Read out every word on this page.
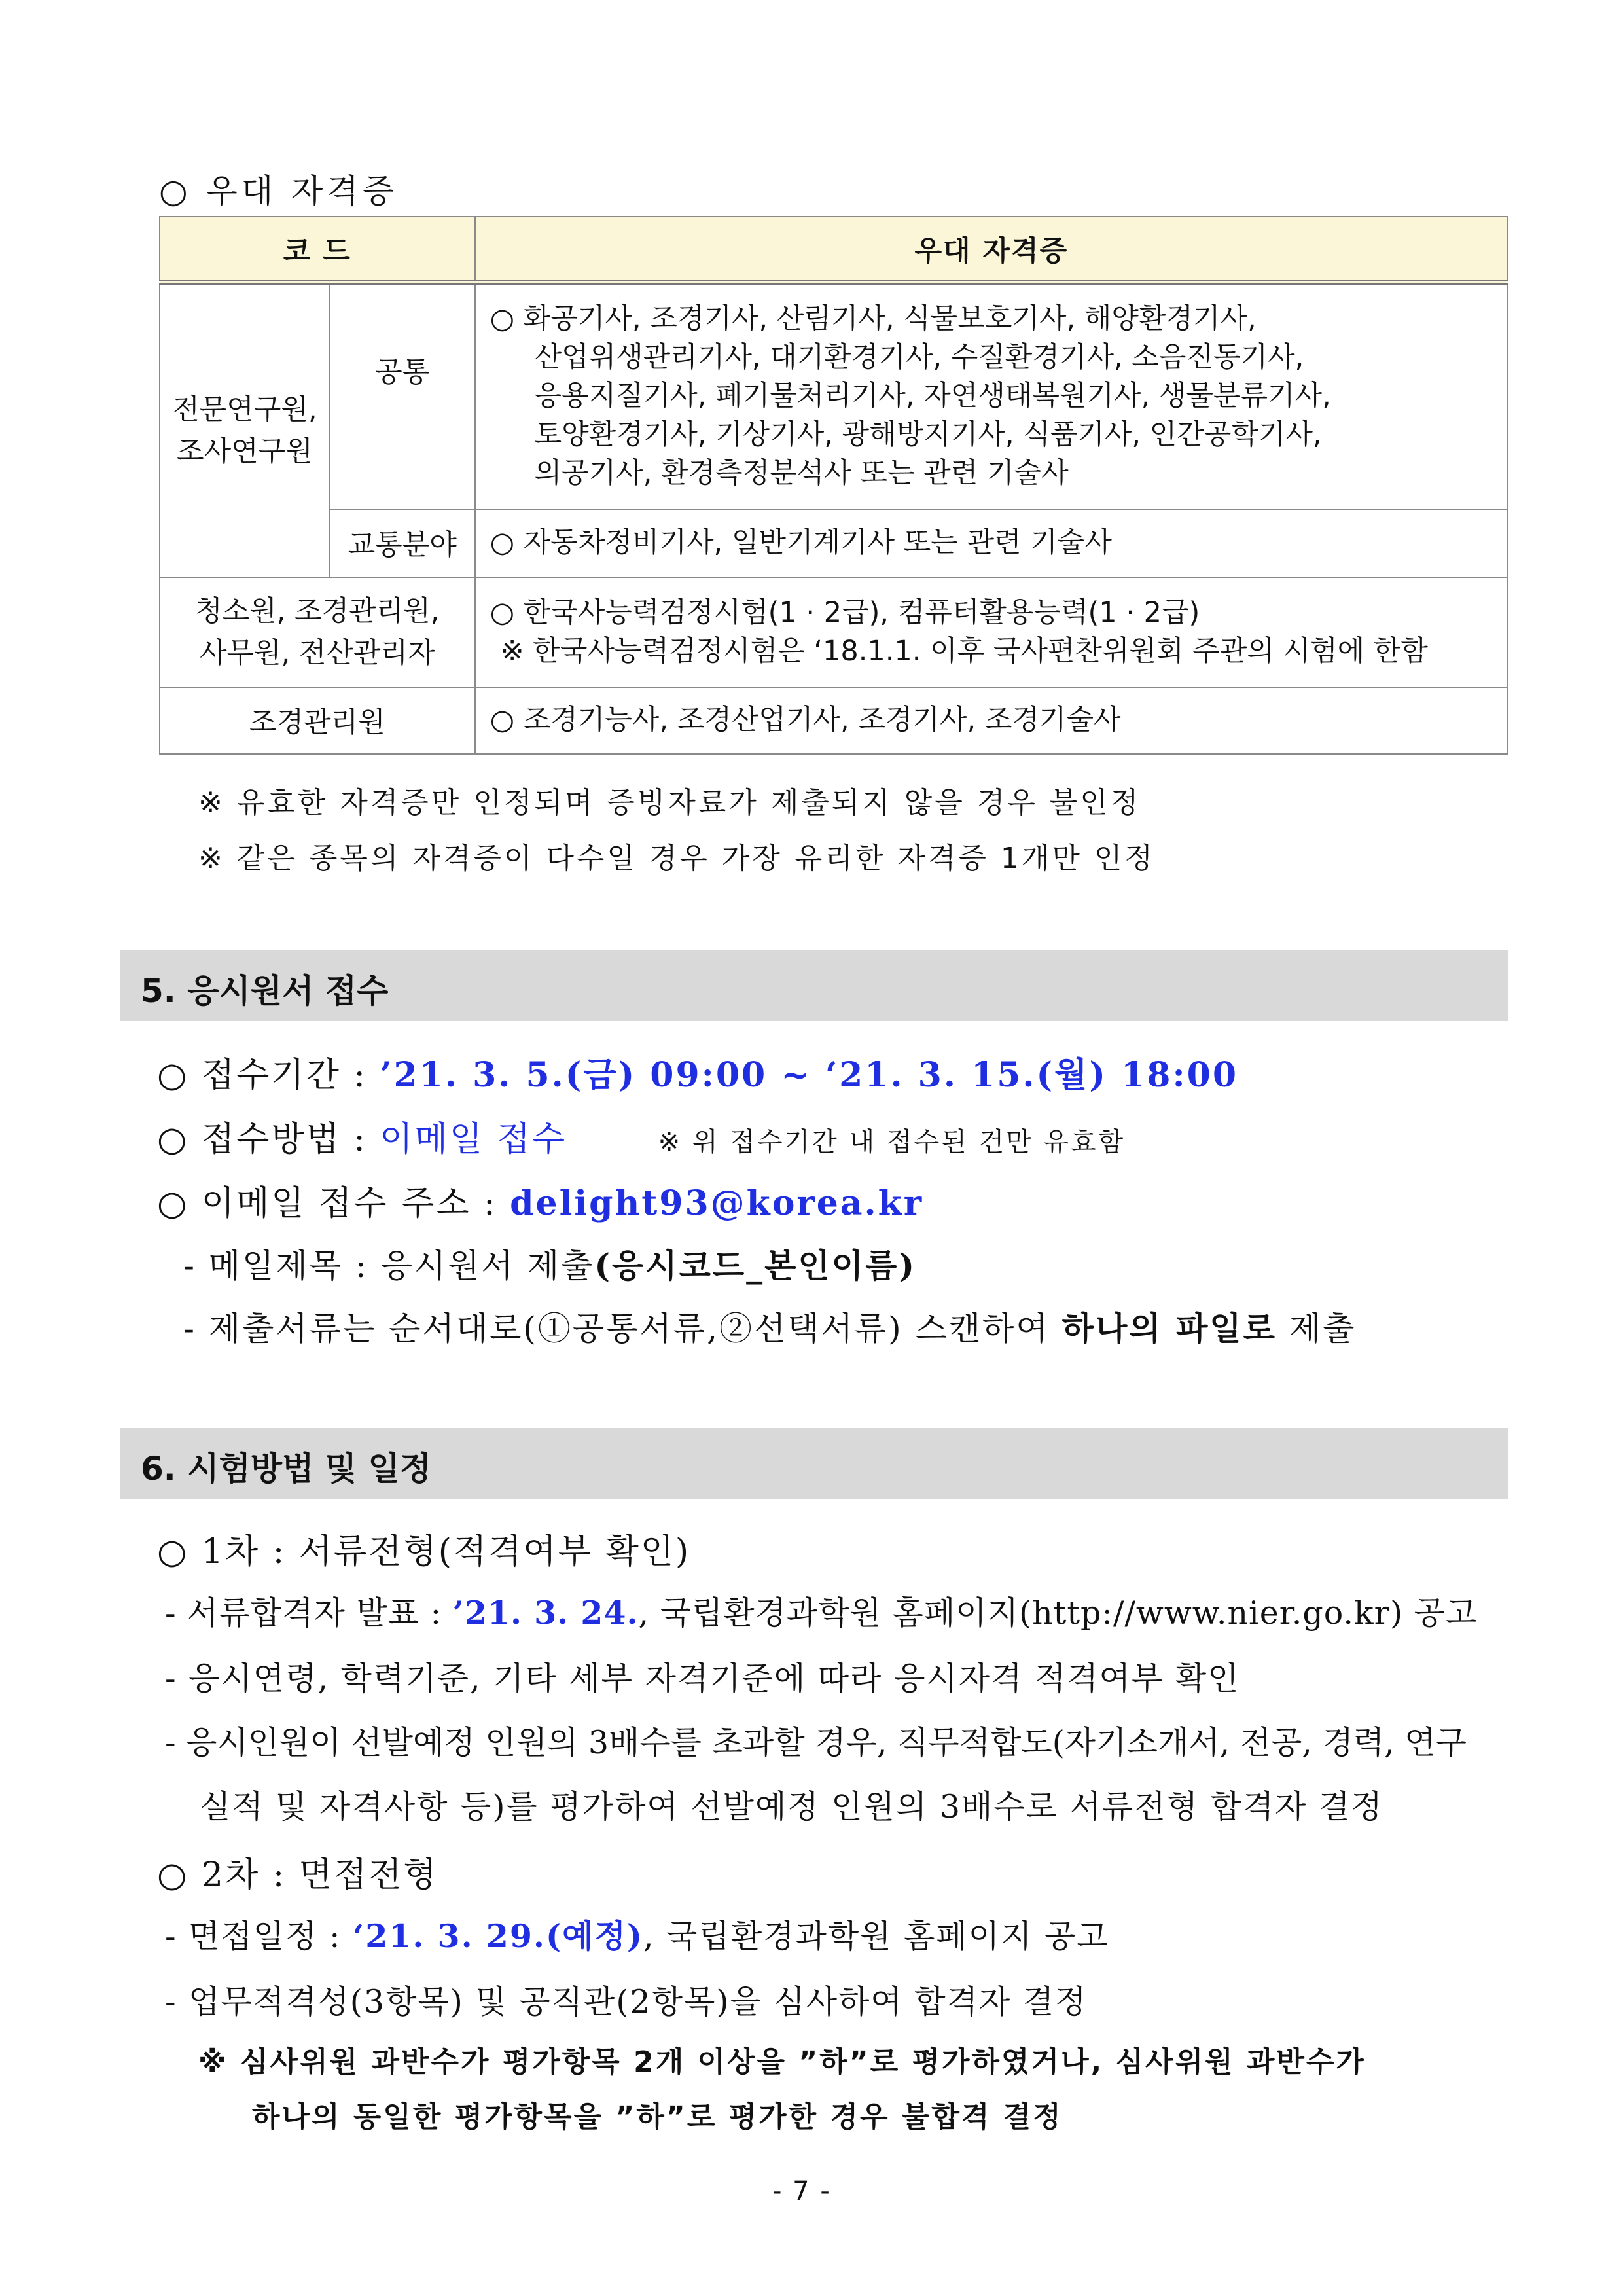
○ 우대 자격증
코 드		우대 자격증
전문연구원, 조사연구원	공통	○ 화공기사, 조경기사, 산림기사, 식물보호기사, 해양환경기사,
산업위생관리기사, 대기환경기사, 수질환경기사, 소음진동기사,
응용지질기사, 폐기물처리기사, 자연생태복원기사, 생물분류기사,
토양환경기사, 기상기사, 광해방지기사, 식품기사, 인간공학기사,
의공기사, 환경측정분석사 또는 관련 기술사

	교통분야	○ 자동차정비기사, 일반기계기사 또는 관련 기술사
청소원, 조경관리원, 사무원, 전산관리자		○ 한국사능력검정시험(1 · 2급), 컴퓨터활용능력(1 · 2급)
※ 한국사능력검정시험은 ‘18.1.1. 이후 국사편찬위원회 주관의 시험에 한함

조경관리원		○ 조경기능사, 조경산업기사, 조경기사, 조경기술사
※ 유효한 자격증만 인정되며 증빙자료가 제출되지 않을 경우 불인정
※ 같은 종목의 자격증이 다수일 경우 가장 유리한 자격증 1개만 인정
5. 응시원서 접수
○ 접수기간 : ’21. 3. 5.(금) 09:00 ~ ‘21. 3. 15.(월) 18:00
○ 접수방법 : 이메일 접수	※ 위 접수기간 내 접수된 건만 유효함
○ 이메일 접수 주소 : delight93@korea.kr
- 메일제목 : 응시원서 제출(응시코드_본인이름)
- 제출서류는 순서대로(①공통서류,②선택서류) 스캔하여 하나의 파일로 제출
6. 시험방법 및 일정
○ 1차 : 서류전형(적격여부 확인)
- 서류합격자 발표 : ’21. 3. 24., 국립환경과학원 홈페이지(http://www.nier.go.kr) 공고
- 응시연령, 학력기준, 기타 세부 자격기준에 따라 응시자격 적격여부 확인
- 응시인원이 선발예정 인원의 3배수를 초과할 경우, 직무적합도(자기소개서, 전공, 경력, 연구
실적 및 자격사항 등)를 평가하여 선발예정 인원의 3배수로 서류전형 합격자 결정
○ 2차 : 면접전형
- 면접일정 : ‘21. 3. 29.(예정), 국립환경과학원 홈페이지 공고
- 업무적격성(3항목) 및 공직관(2항목)을 심사하여 합격자 결정
※ 심사위원 과반수가 평가항목 2개 이상을 ”하”로 평가하였거나, 심사위원 과반수가
하나의 동일한 평가항목을 ”하”로 평가한 경우 불합격 결정
- 7 -
